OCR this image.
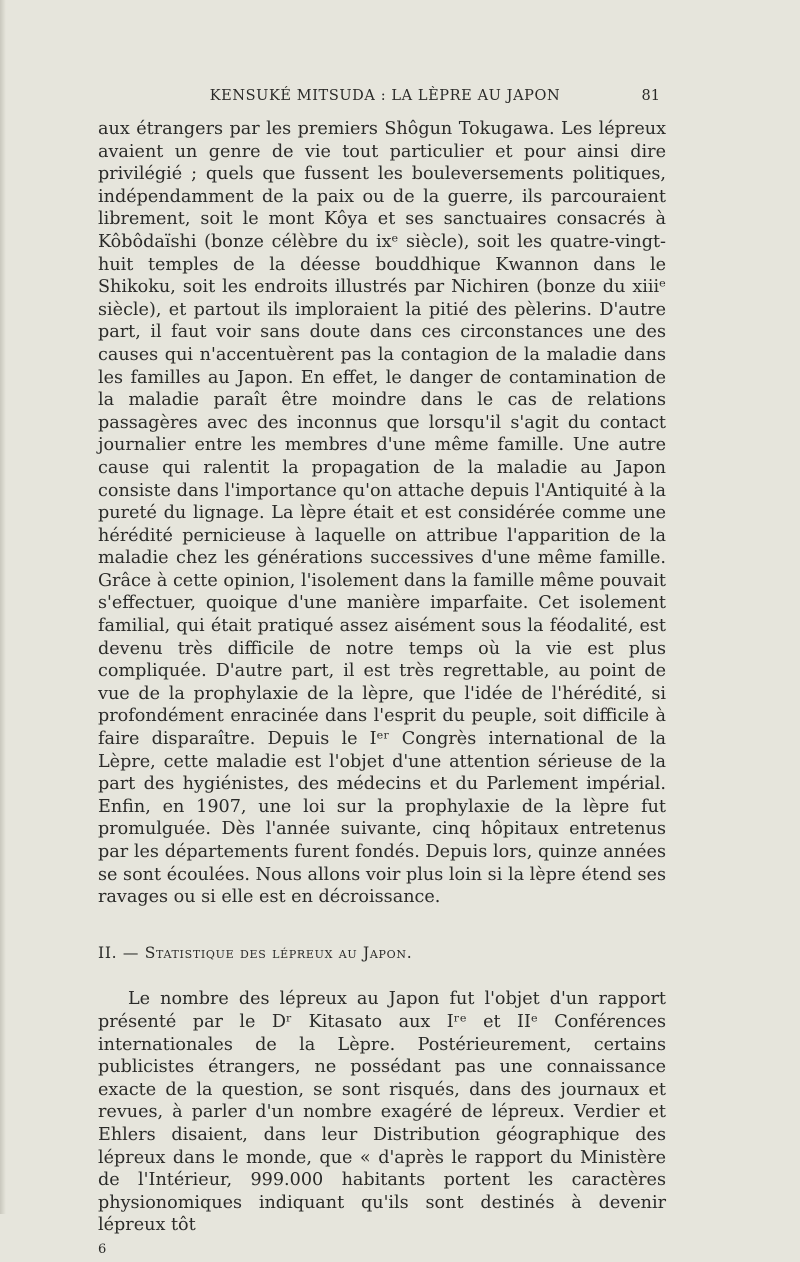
KENSUKÉ MITSUDA : LA LÈPRE AU JAPON	81

aux étrangers par les premiers Shôgun Tokugawa. Les lépreux avaient un genre de vie tout particulier et pour ainsi dire privilégié ; quels que fussent les bouleversements politiques, indépendamment de la paix ou de la guerre, ils parcouraient librement, soit le mont Kôya et ses sanctuaires consacrés à Kôbôdaïshi (bonze célèbre du ixᵉ siècle), soit les quatre-vingt-huit temples de la déesse bouddhique Kwannon dans le Shikoku, soit les endroits illustrés par Nichiren (bonze du xiiiᵉ siècle), et partout ils imploraient la pitié des pèlerins. D'autre part, il faut voir sans doute dans ces circonstances une des causes qui n'accentuèrent pas la contagion de la maladie dans les familles au Japon. En effet, le danger de contamination de la maladie paraît être moindre dans le cas de relations passagères avec des inconnus que lorsqu'il s'agit du contact journalier entre les membres d'une même famille. Une autre cause qui ralentit la propagation de la maladie au Japon consiste dans l'importance qu'on attache depuis l'Antiquité à la pureté du lignage. La lèpre était et est considérée comme une hérédité pernicieuse à laquelle on attribue l'apparition de la maladie chez les générations successives d'une même famille. Grâce à cette opinion, l'isolement dans la famille même pouvait s'effectuer, quoique d'une manière imparfaite. Cet isolement familial, qui était pratiqué assez aisément sous la féodalité, est devenu très difficile de notre temps où la vie est plus compliquée. D'autre part, il est très regrettable, au point de vue de la prophylaxie de la lèpre, que l'idée de l'hérédité, si profondément enracinée dans l'esprit du peuple, soit difficile à faire disparaître. Depuis le Iᵉʳ Congrès international de la Lèpre, cette maladie est l'objet d'une attention sérieuse de la part des hygiénistes, des médecins et du Parlement impérial. Enfin, en 1907, une loi sur la prophylaxie de la lèpre fut promulguée. Dès l'année suivante, cinq hôpitaux entretenus par les départements furent fondés. Depuis lors, quinze années se sont écoulées. Nous allons voir plus loin si la lèpre étend ses ravages ou si elle est en décroissance.

II. — Statistique des lépreux au Japon.

Le nombre des lépreux au Japon fut l'objet d'un rapport présenté par le Dʳ Kitasato aux Iʳᵉ et IIᵉ Conférences internationales de la Lèpre. Postérieurement, certains publicistes étrangers, ne possédant pas une connaissance exacte de la question, se sont risqués, dans des journaux et revues, à parler d'un nombre exagéré de lépreux. Verdier et Ehlers disaient, dans leur Distribution géographique des lépreux dans le monde, que « d'après le rapport du Ministère de l'Intérieur, 999.000 habitants portent les caractères physionomiques indiquant qu'ils sont destinés à devenir lépreux tôt

6
